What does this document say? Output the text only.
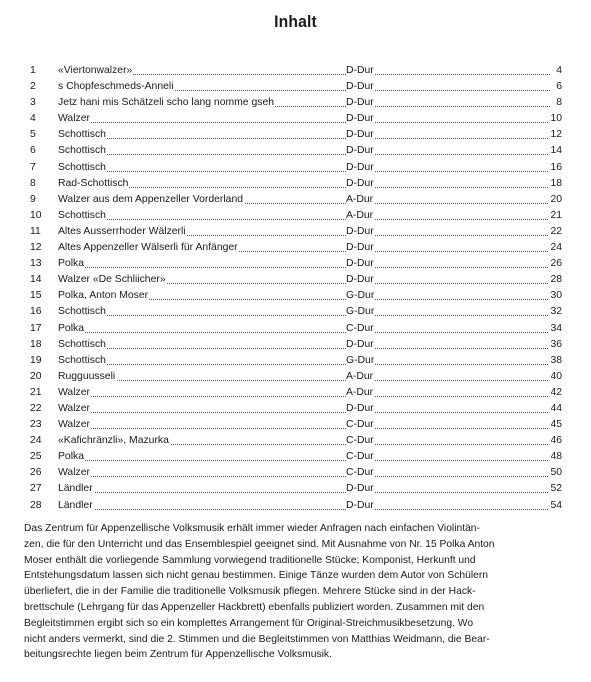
Inhalt
1	«Viertonwalzer»	D-Dur	4
2	s Chopfeschmeds-Anneli	D-Dur	6
3	Jetz hani mis Schätzeli scho lang nomme gseh	D-Dur	8
4	Walzer	D-Dur	10
5	Schottisch	D-Dur	12
6	Schottisch	D-Dur	14
7	Schottisch	D-Dur	16
8	Rad-Schottisch	D-Dur	18
9	Walzer aus dem Appenzeller Vorderland	A-Dur	20
10	Schottisch	A-Dur	21
11	Altes Ausserrhoder Wälzerli	D-Dur	22
12	Altes Appenzeller Wälserli für Anfänger	D-Dur	24
13	Polka	D-Dur	26
14	Walzer «De Schliicher»	D-Dur	28
15	Polka, Anton Moser	G-Dur	30
16	Schottisch	G-Dur	32
17	Polka	C-Dur	34
18	Schottisch	D-Dur	36
19	Schottisch	G-Dur	38
20	Rugguusseli	A-Dur	40
21	Walzer	A-Dur	42
22	Walzer	D-Dur	44
23	Walzer	C-Dur	45
24	«Kafichränzli», Mazurka	C-Dur	46
25	Polka	C-Dur	48
26	Walzer	C-Dur	50
27	Ländler	D-Dur	52
28	Ländler	D-Dur	54
Das Zentrum für Appenzellische Volksmusik erhält immer wieder Anfragen nach einfachen Violintän-
zen, die für den Unterricht und das Ensemblespiel geeignet sind. Mit Ausnahme von Nr. 15 Polka Anton
Moser enthält die vorliegende Sammlung vorwiegend traditionelle Stücke; Komponist, Herkunft und
Entstehungsdatum lassen sich nicht genau bestimmen. Einige Tänze wurden dem Autor von Schülern
überliefert, die in der Familie die traditionelle Volksmusik pflegen. Mehrere Stücke sind in der Hack-
brettschule (Lehrgang für das Appenzeller Hackbrett) ebenfalls publiziert worden. Zusammen mit den
Begleitstimmen ergibt sich so ein komplettes Arrangement für Original-Streichmusikbesetzung. Wo
nicht anders vermerkt, sind die 2. Stimmen und die Begleitstimmen von Matthias Weidmann, die Bear-
beitungsrechte liegen beim Zentrum für Appenzellische Volksmusik.
